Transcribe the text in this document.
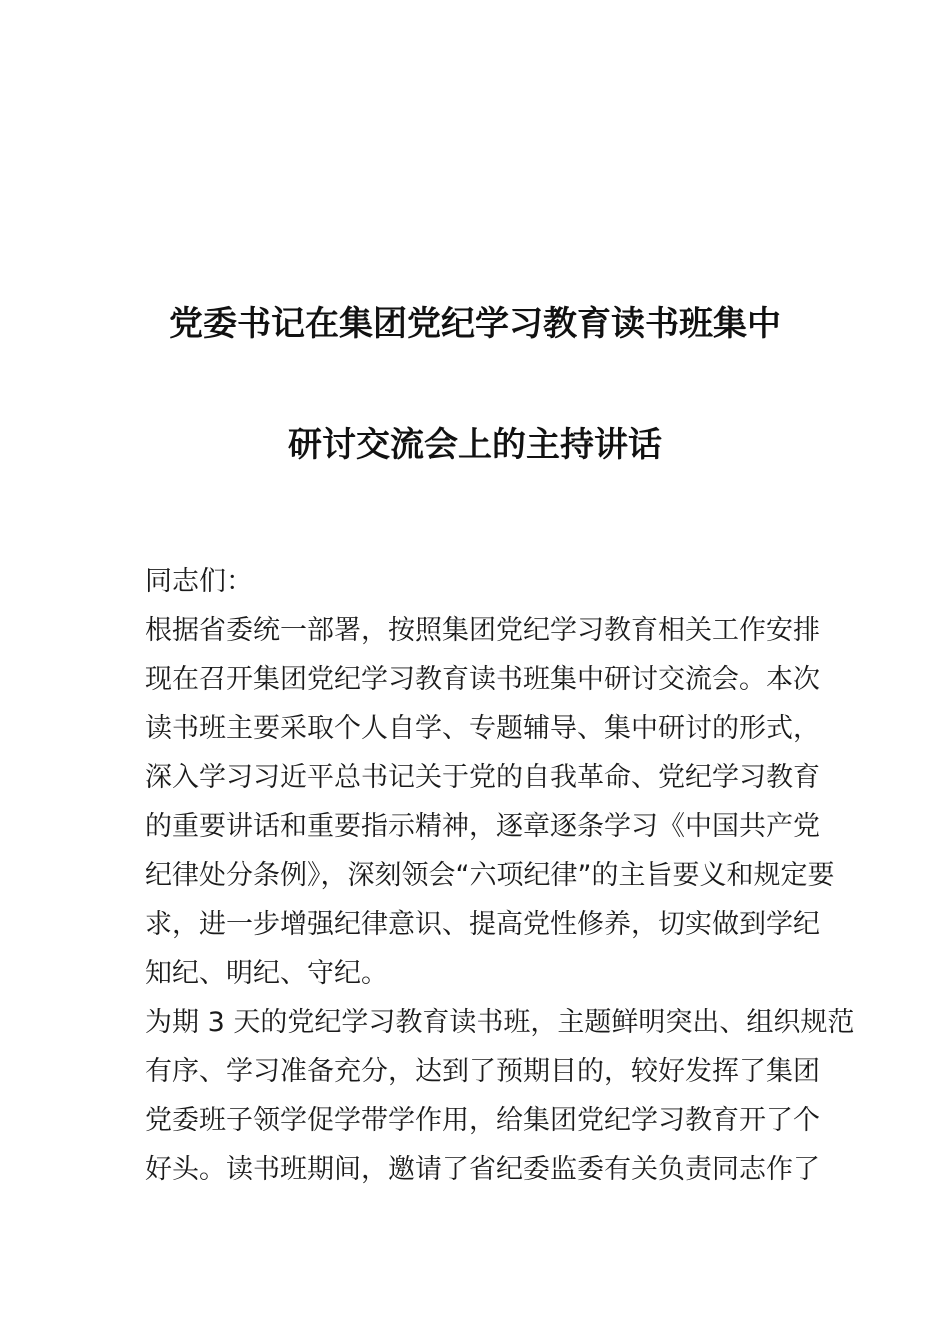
党委书记在集团党纪学习教育读书班集中
研讨交流会上的主持讲话
同志们：
根据省委统一部署，按照集团党纪学习教育相关工作安排
现在召开集团党纪学习教育读书班集中研讨交流会。本次
读书班主要采取个人自学、专题辅导、集中研讨的形式，
深入学习习近平总书记关于党的自我革命、党纪学习教育
的重要讲话和重要指示精神，逐章逐条学习《中国共产党
纪律处分条例》，深刻领会“六项纪律”的主旨要义和规定要
求，进一步增强纪律意识、提高党性修养，切实做到学纪
知纪、明纪、守纪。
为期 3 天的党纪学习教育读书班，主题鲜明突出、组织规范
有序、学习准备充分，达到了预期目的，较好发挥了集团
党委班子领学促学带学作用，给集团党纪学习教育开了个
好头。读书班期间，邀请了省纪委监委有关负责同志作了
